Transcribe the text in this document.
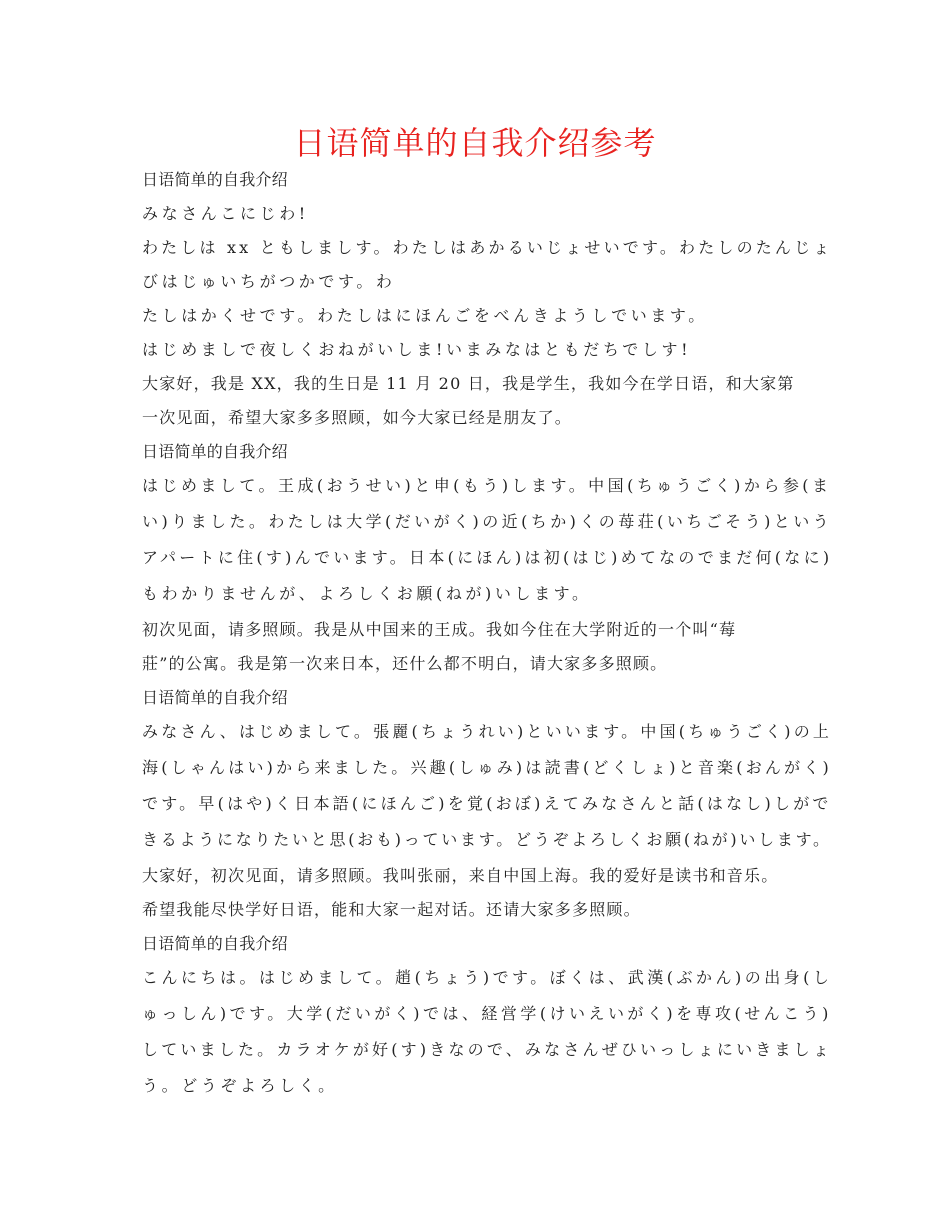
日语简单的自我介绍参考
日语简单的自我介绍
みなさんこにじわ!
わたしは xx ともしましす。わたしはあかるいじょせいです。わたしのたんじょ
びはじゅいちがつかです。わ
たしはかくせです。わたしはにほんごをべんきようしでいます。
はじめましで夜しくおねがいしま!いまみなはともだちでしす!
大家好，我是 XX，我的生日是 11 月 20 日，我是学生，我如今在学日语，和大家第
一次见面，希望大家多多照顾，如今大家已经是朋友了。
日语简单的自我介绍
はじめまして。王成(おうせい)と申(もう)します。中国(ちゅうごく)から参(ま
い)りました。わたしは大学(だいがく)の近(ちか)くの苺荘(いちごそう)という
アパートに住(す)んでいます。日本(にほん)は初(はじ)めてなのでまだ何(なに)
もわかりませんが、よろしくお願(ねが)いします。
初次见面，请多照顾。我是从中国来的王成。我如今住在大学附近的一个叫“莓
莊”的公寓。我是第一次来日本，还什么都不明白，请大家多多照顾。
日语简单的自我介绍
みなさん、はじめまして。張麗(ちょうれい)といいます。中国(ちゅうごく)の上
海(しゃんはい)から来ました。兴趣(しゅみ)は読書(どくしょ)と音楽(おんがく)
です。早(はや)く日本語(にほんご)を覚(おぼ)えてみなさんと話(はなし)しがで
きるようになりたいと思(おも)っています。どうぞよろしくお願(ねが)いします。
大家好，初次见面，请多照顾。我叫张丽，来自中国上海。我的爱好是读书和音乐。
希望我能尽快学好日语，能和大家一起对话。还请大家多多照顾。
日语简单的自我介绍
こんにちは。はじめまして。趙(ちょう)です。ぼくは、武漢(ぶかん)の出身(し
ゅっしん)です。大学(だいがく)では、経営学(けいえいがく)を専攻(せんこう)
していました。カラオケが好(す)きなので、みなさんぜひいっしょにいきましょ
う。どうぞよろしく。
